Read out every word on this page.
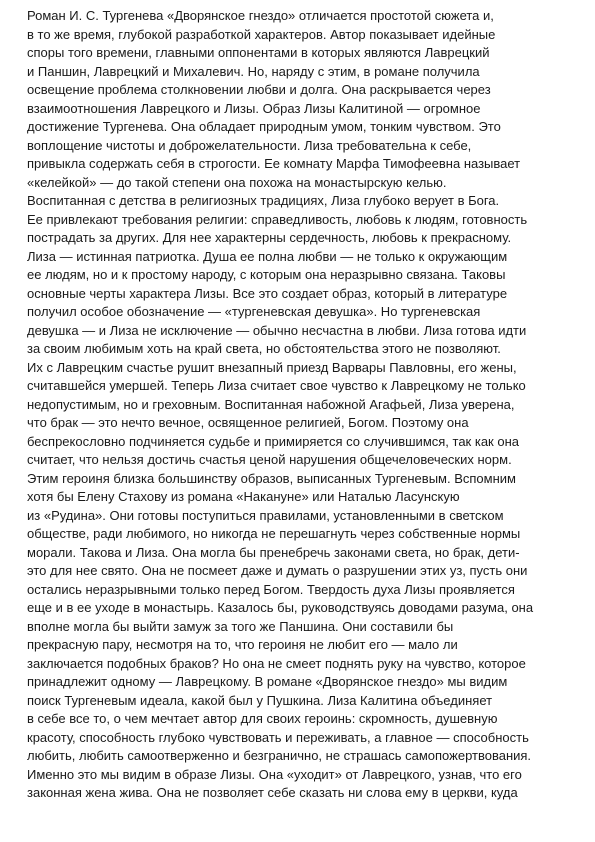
Роман И. С. Тургенева «Дворянское гнездо» отличается простотой сюжета и,
в то же время, глубокой разработкой характеров. Автор показывает идейные
споры того времени, главными оппонентами в которых являются Лаврецкий
и Паншин, Лаврецкий и Михалевич. Но, наряду с этим, в романе получила
освещение проблема столкновении любви и долга. Она раскрывается через
взаимоотношения Лаврецкого и Лизы. Образ Лизы Калитиной — огромное
достижение Тургенева. Она обладает природным умом, тонким чувством. Это
воплощение чистоты и доброжелательности. Лиза требовательна к себе,
привыкла содержать себя в строгости. Ее комнату Марфа Тимофеевна называет
«келейкой» — до такой степени она похожа на монастырскую келью.
Воспитанная с детства в религиозных традициях, Лиза глубоко верует в Бога.
Ее привлекают требования религии: справедливость, любовь к людям, готовность
пострадать за других. Для нее характерны сердечность, любовь к прекрасному.
Лиза — истинная патриотка. Душа ее полна любви — не только к окружающим
ее людям, но и к простому народу, с которым она неразрывно связана. Таковы
основные черты характера Лизы. Все это создает образ, который в литературе
получил особое обозначение — «тургеневская девушка». Но тургеневская
девушка — и Лиза не исключение — обычно несчастна в любви. Лиза готова идти
за своим любимым хоть на край света, но обстоятельства этого не позволяют.
Их с Лаврецким счастье рушит внезапный приезд Варвары Павловны, его жены,
считавшейся умершей. Теперь Лиза считает свое чувство к Лаврецкому не только
недопустимым, но и греховным. Воспитанная набожной Агафьей, Лиза уверена,
что брак — это нечто вечное, освященное религией, Богом. Поэтому она
беспрекословно подчиняется судьбе и примиряется со случившимся, так как она
считает, что нельзя достичь счастья ценой нарушения общечеловеческих норм.
Этим героиня близка большинству образов, выписанных Тургеневым. Вспомним
хотя бы Елену Стахову из романа «Накануне» или Наталью Ласунскую
из «Рудина». Они готовы поступиться правилами, установленными в светском
обществе, ради любимого, но никогда не перешагнуть через собственные нормы
морали. Такова и Лиза. Она могла бы пренебречь законами света, но брак, дети-
это для нее свято. Она не посмеет даже и думать о разрушении этих уз, пусть они
остались неразрывными только перед Богом. Твердость духа Лизы проявляется
еще и в ее уходе в монастырь. Казалось бы, руководствуясь доводами разума, она
вполне могла бы выйти замуж за того же Паншина. Они составили бы
прекрасную пару, несмотря на то, что героиня не любит его — мало ли
заключается подобных браков? Но она не смеет поднять руку на чувство, которое
принадлежит одному — Лаврецкому. В романе «Дворянское гнездо» мы видим
поиск Тургеневым идеала, какой был у Пушкина. Лиза Калитина объединяет
в себе все то, о чем мечтает автор для своих героинь: скромность, душевную
красоту, способность глубоко чувствовать и переживать, а главное — способность
любить, любить самоотверженно и безгранично, не страшась самопожертвования.
Именно это мы видим в образе Лизы. Она «уходит» от Лаврецкого, узнав, что его
законная жена жива. Она не позволяет себе сказать ни слова ему в церкви, куда
